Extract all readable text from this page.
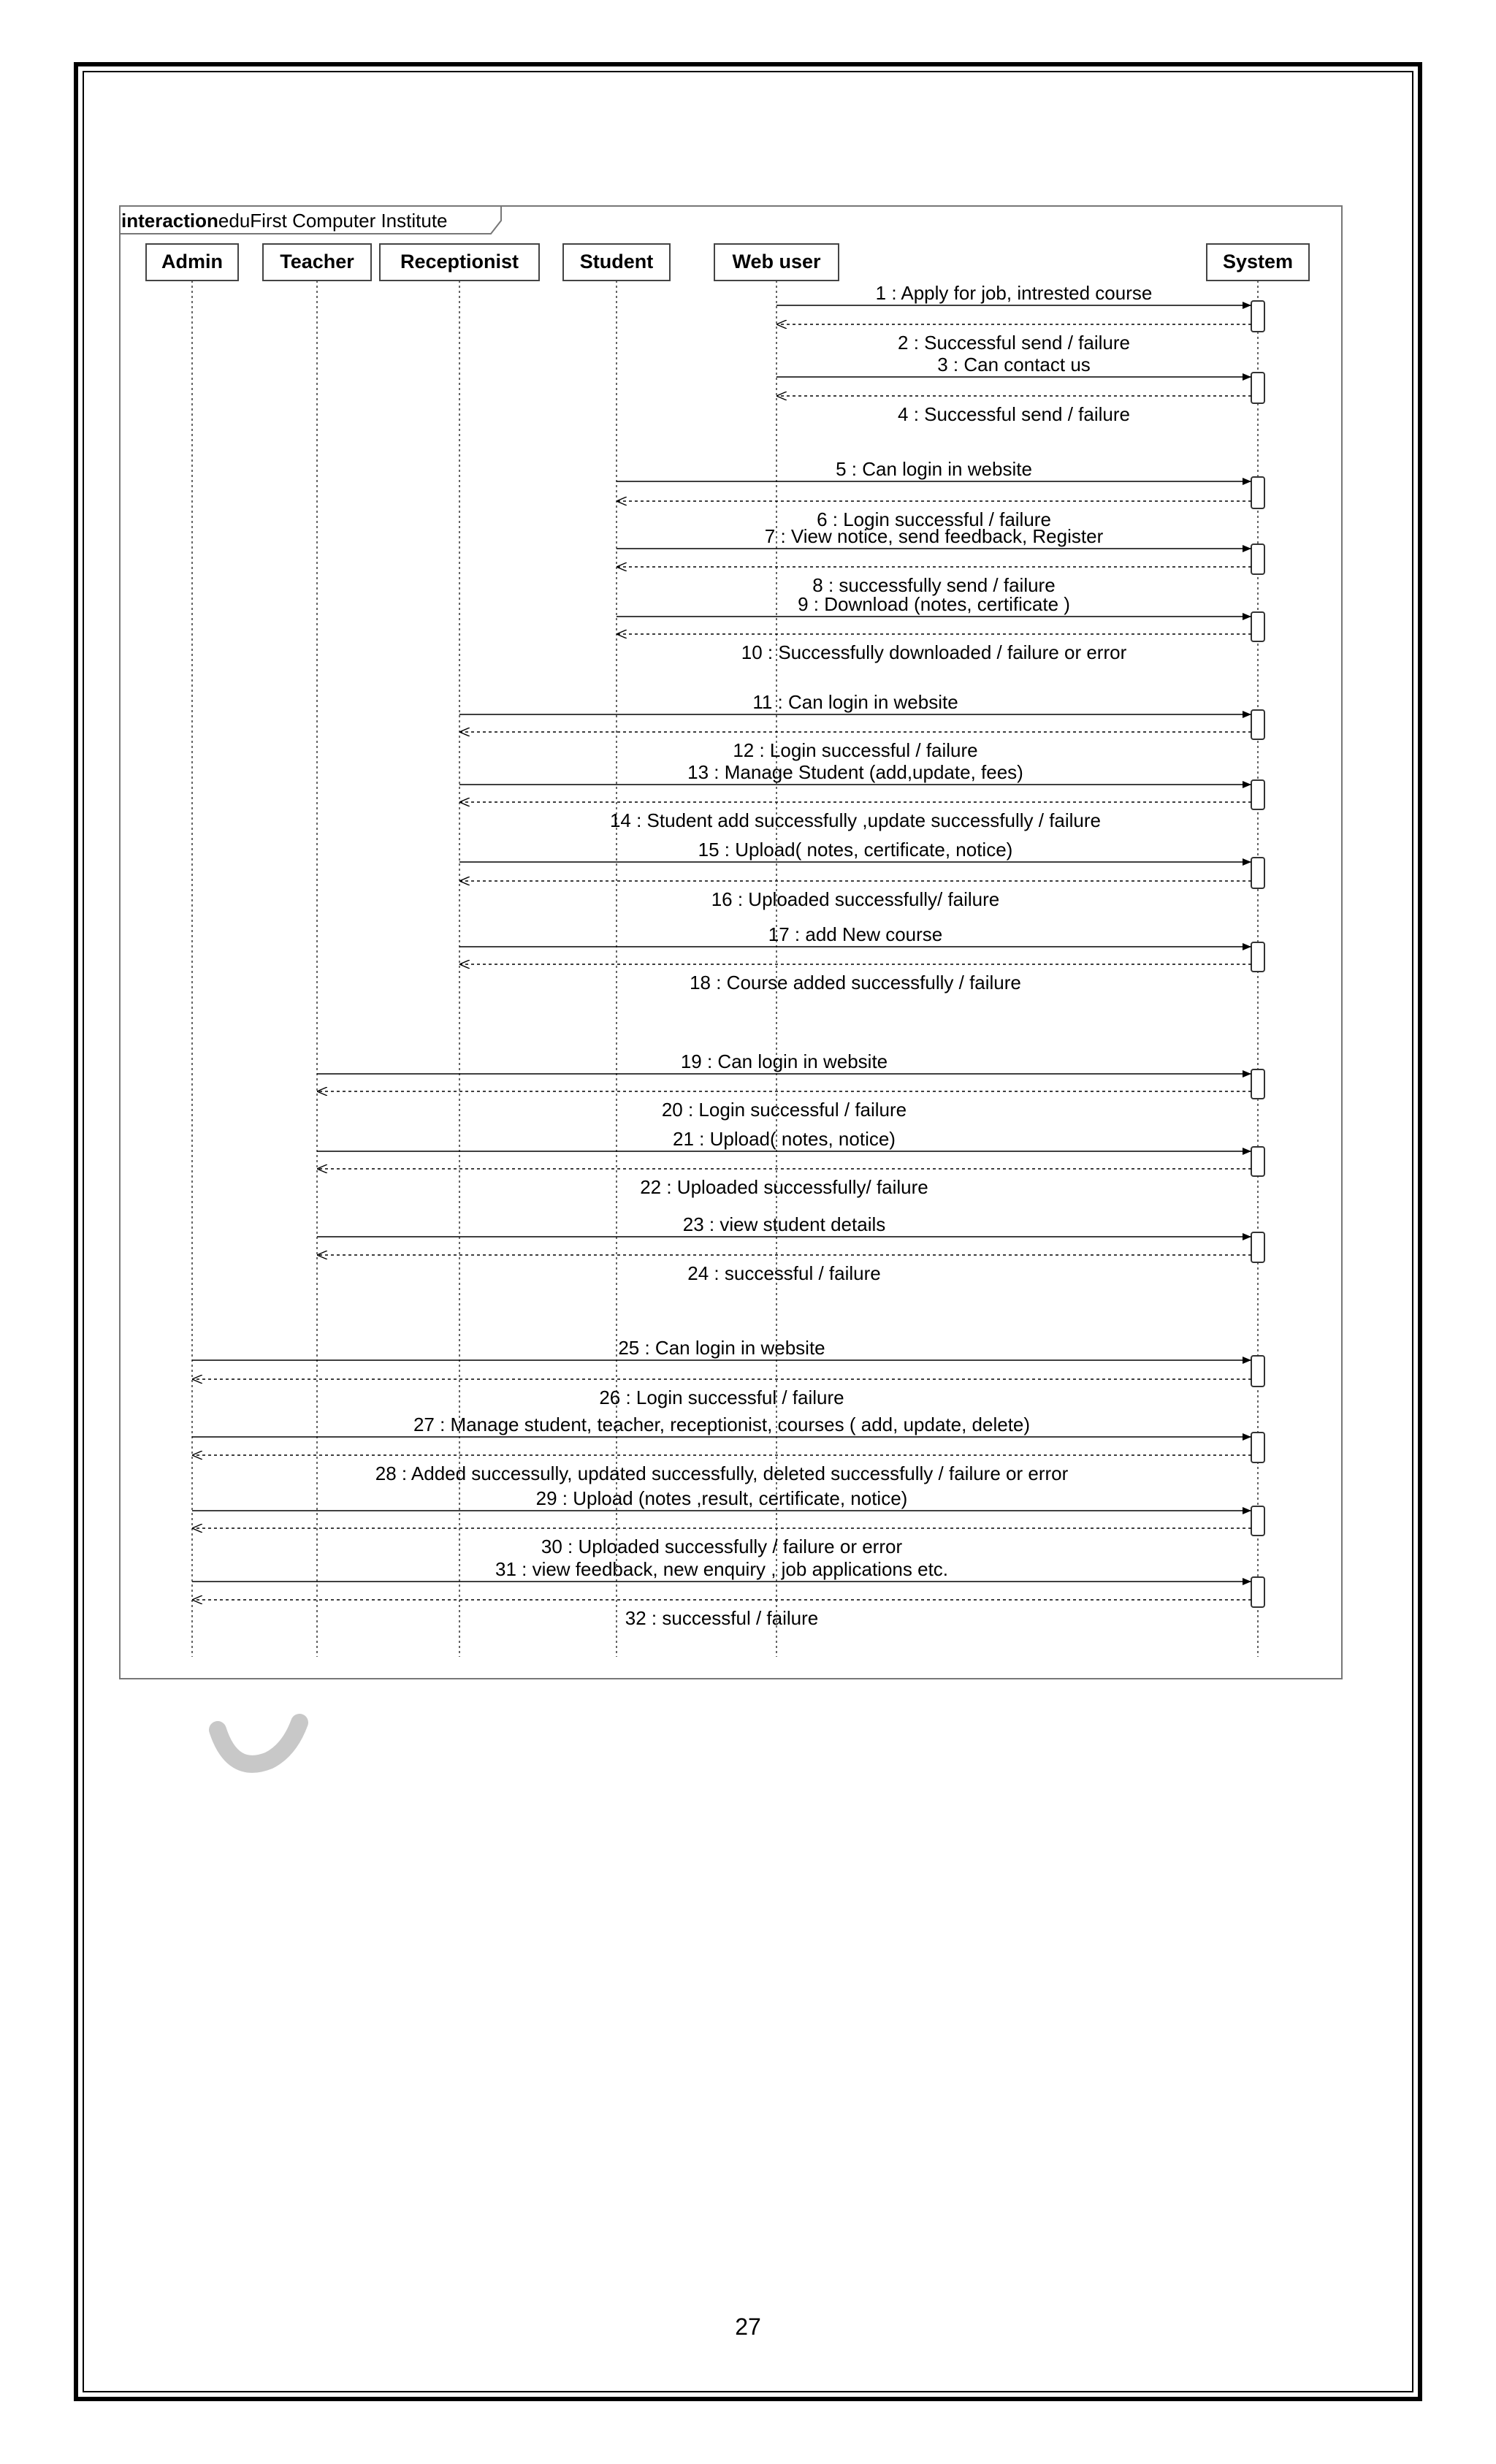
interactioneduFirst Computer Institute
Admin	Teacher Receptionist	Student	Web user	System
1 : Apply for job, intrested course
2 : Successful send / failure
3 : Can contact us
4 : Successful send / failure
5 : Can login in website
6 : Login successful / failure
7 : View notice, send feedback, Register
8 : successfully send / failure
9 : Download (notes, certificate )
10 : Successfully downloaded / failure or error
11 : Can login in website
12 : Login successful / failure
13 : Manage Student (add,update, fees)
14 : Student add successfully ,update successfully / failure
15 : Upload( notes, certificate, notice)
16 : Uploaded successfully/ failure
17 : add New course
18 : Course added successfully / failure
19 : Can login in website
20 : Login successful / failure
21 : Upload( notes, notice)
22 : Uploaded successfully/ failure
23 : view student details
24 : successful / failure
25 : Can login in website
26 : Login successful / failure
27 : Manage student, teacher, receptionist, courses ( add, update, delete)
28 : Added successully, updated successfully, deleted successfully / failure or error
29 : Upload (notes ,result, certificate, notice)
30 : Uploaded successfully / failure or error
31 : view feedback, new enquiry , job applications etc.
32 : successful / failure
27
